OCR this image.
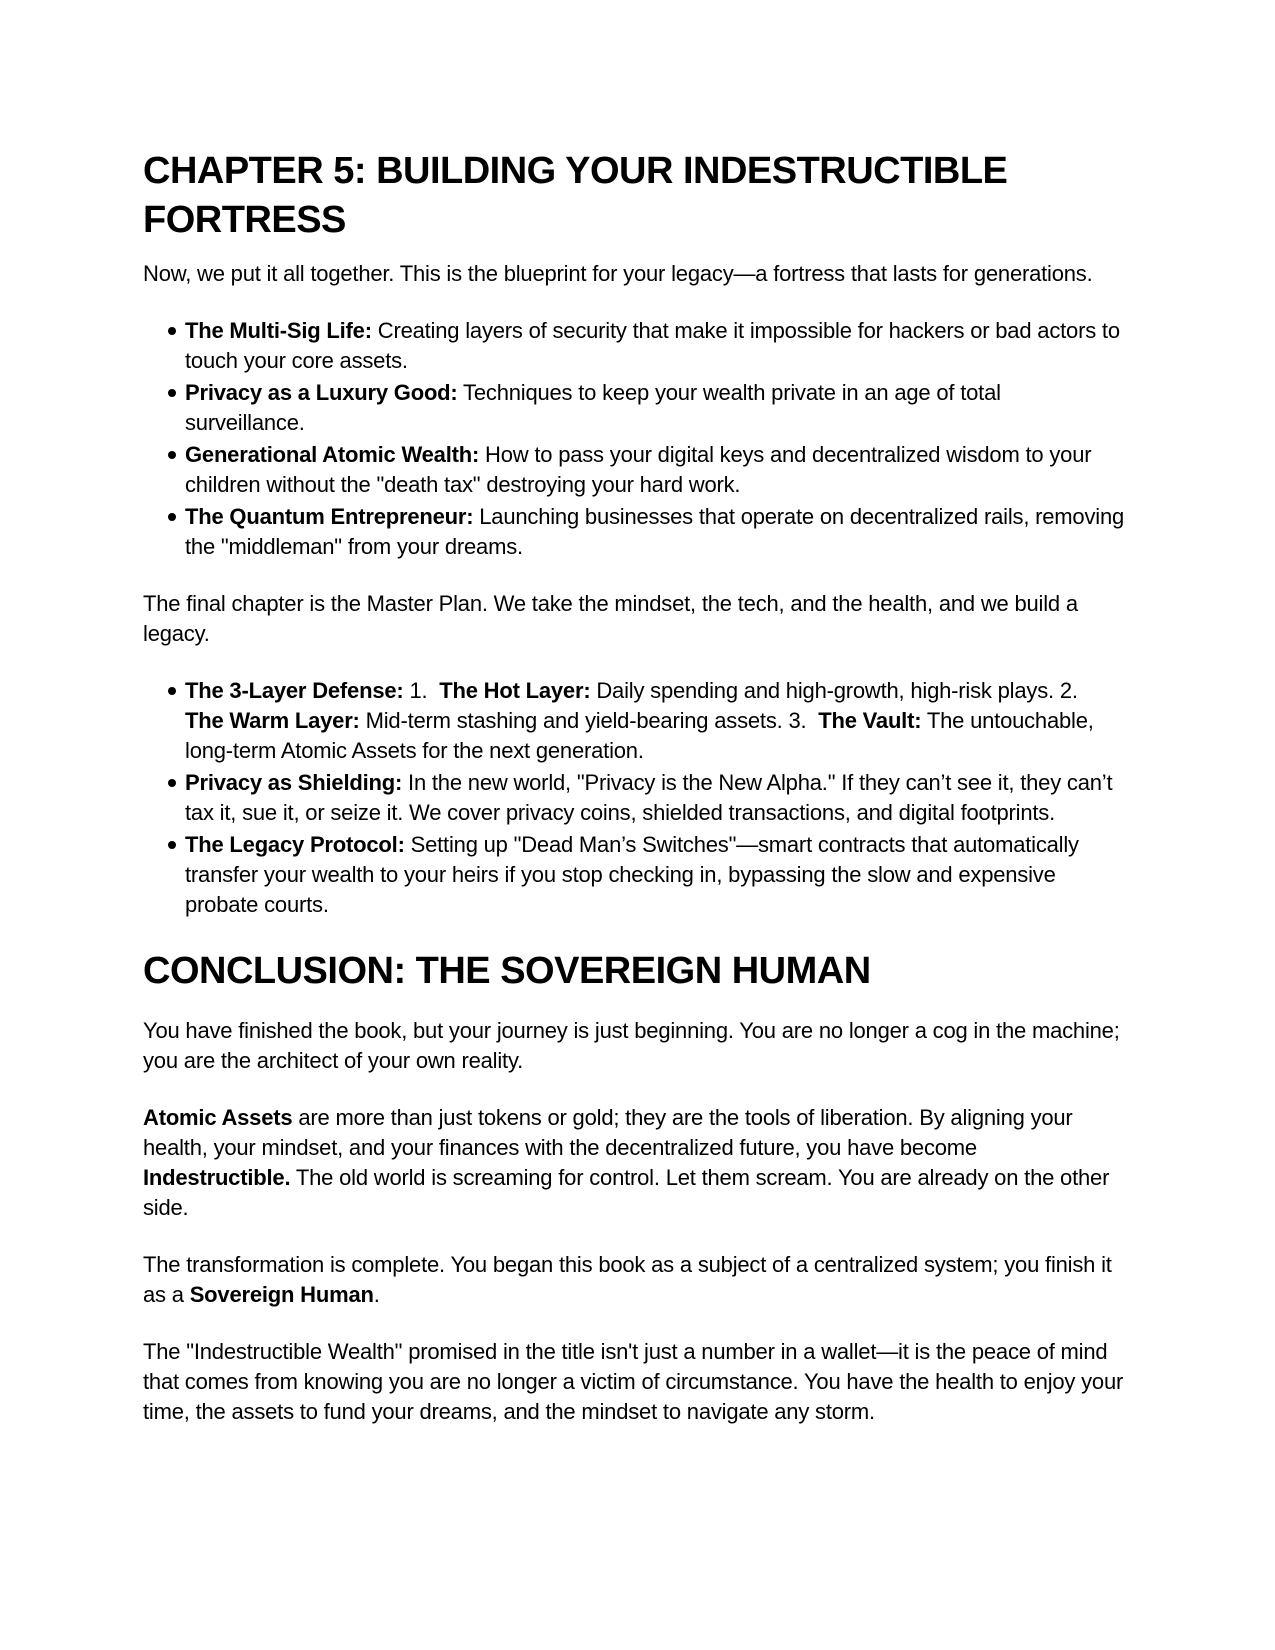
CHAPTER 5: BUILDING YOUR INDESTRUCTIBLE FORTRESS

Now, we put it all together. This is the blueprint for your legacy—a fortress that lasts for generations.

The Multi-Sig Life: Creating layers of security that make it impossible for hackers or bad actors to touch your core assets.
Privacy as a Luxury Good: Techniques to keep your wealth private in an age of total surveillance.
Generational Atomic Wealth: How to pass your digital keys and decentralized wisdom to your children without the "death tax" destroying your hard work.
The Quantum Entrepreneur: Launching businesses that operate on decentralized rails, removing the "middleman" from your dreams.

The final chapter is the Master Plan. We take the mindset, the tech, and the health, and we build a legacy.

The 3-Layer Defense: 1.  The Hot Layer: Daily spending and high-growth, high-risk plays. 2.  The Warm Layer: Mid-term stashing and yield-bearing assets. 3.  The Vault: The untouchable, long-term Atomic Assets for the next generation.
Privacy as Shielding: In the new world, "Privacy is the New Alpha." If they can’t see it, they can’t tax it, sue it, or seize it. We cover privacy coins, shielded transactions, and digital footprints.
The Legacy Protocol: Setting up "Dead Man’s Switches"—smart contracts that automatically transfer your wealth to your heirs if you stop checking in, bypassing the slow and expensive probate courts.
CONCLUSION: THE SOVEREIGN HUMAN

You have finished the book, but your journey is just beginning. You are no longer a cog in the machine; you are the architect of your own reality.

Atomic Assets are more than just tokens or gold; they are the tools of liberation. By aligning your health, your mindset, and your finances with the decentralized future, you have become Indestructible. The old world is screaming for control. Let them scream. You are already on the other side.

The transformation is complete. You began this book as a subject of a centralized system; you finish it as a Sovereign Human.

The "Indestructible Wealth" promised in the title isn't just a number in a wallet—it is the peace of mind that comes from knowing you are no longer a victim of circumstance. You have the health to enjoy your time, the assets to fund your dreams, and the mindset to navigate any storm.
